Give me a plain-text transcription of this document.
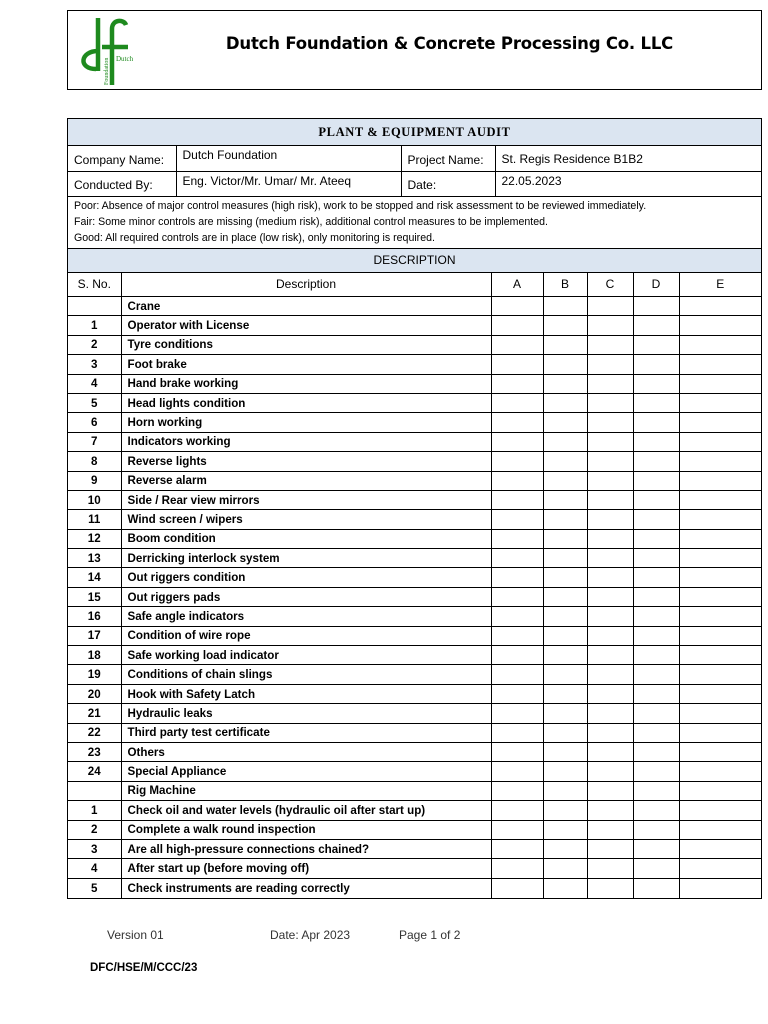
Dutch
Foundation
Dutch Foundation & Concrete Processing Co. LLC
PLANT & EQUIPMENT AUDIT
Company Name:	Dutch Foundation	Project Name:	St. Regis Residence B1B2
Conducted By:	Eng. Victor/Mr. Umar/ Mr. Ateeq	Date:	22.05.2023
Poor: Absence of major control measures (high risk), work to be stopped and risk assessment to be reviewed immediately.
Fair: Some minor controls are missing (medium risk), additional control measures to be implemented.
Good: All required controls are in place (low risk), only monitoring is required.
DESCRIPTION
S. No.	Description	A	B	C	D	E
	Crane					
1	Operator with License					
2	Tyre conditions					
3	Foot brake					
4	Hand brake working					
5	Head lights condition					
6	Horn working					
7	Indicators working					
8	Reverse lights					
9	Reverse alarm					
10	Side / Rear view mirrors					
11	Wind screen / wipers					
12	Boom condition					
13	Derricking interlock system					
14	Out riggers condition					
15	Out riggers pads					
16	Safe angle indicators					
17	Condition of wire rope					
18	Safe working load indicator					
19	Conditions of chain slings					
20	Hook with Safety Latch					
21	Hydraulic leaks					
22	Third party test certificate					
23	Others					
24	Special Appliance					
	Rig Machine					
1	Check oil and water levels (hydraulic oil after start up)					
2	Complete a walk round inspection					
3	Are all high-pressure connections chained?					
4	After start up (before moving off)					
5	Check instruments are reading correctly					
Version 01	Date: Apr 2023	Page 1 of 2
DFC/HSE/M/CCC/23
